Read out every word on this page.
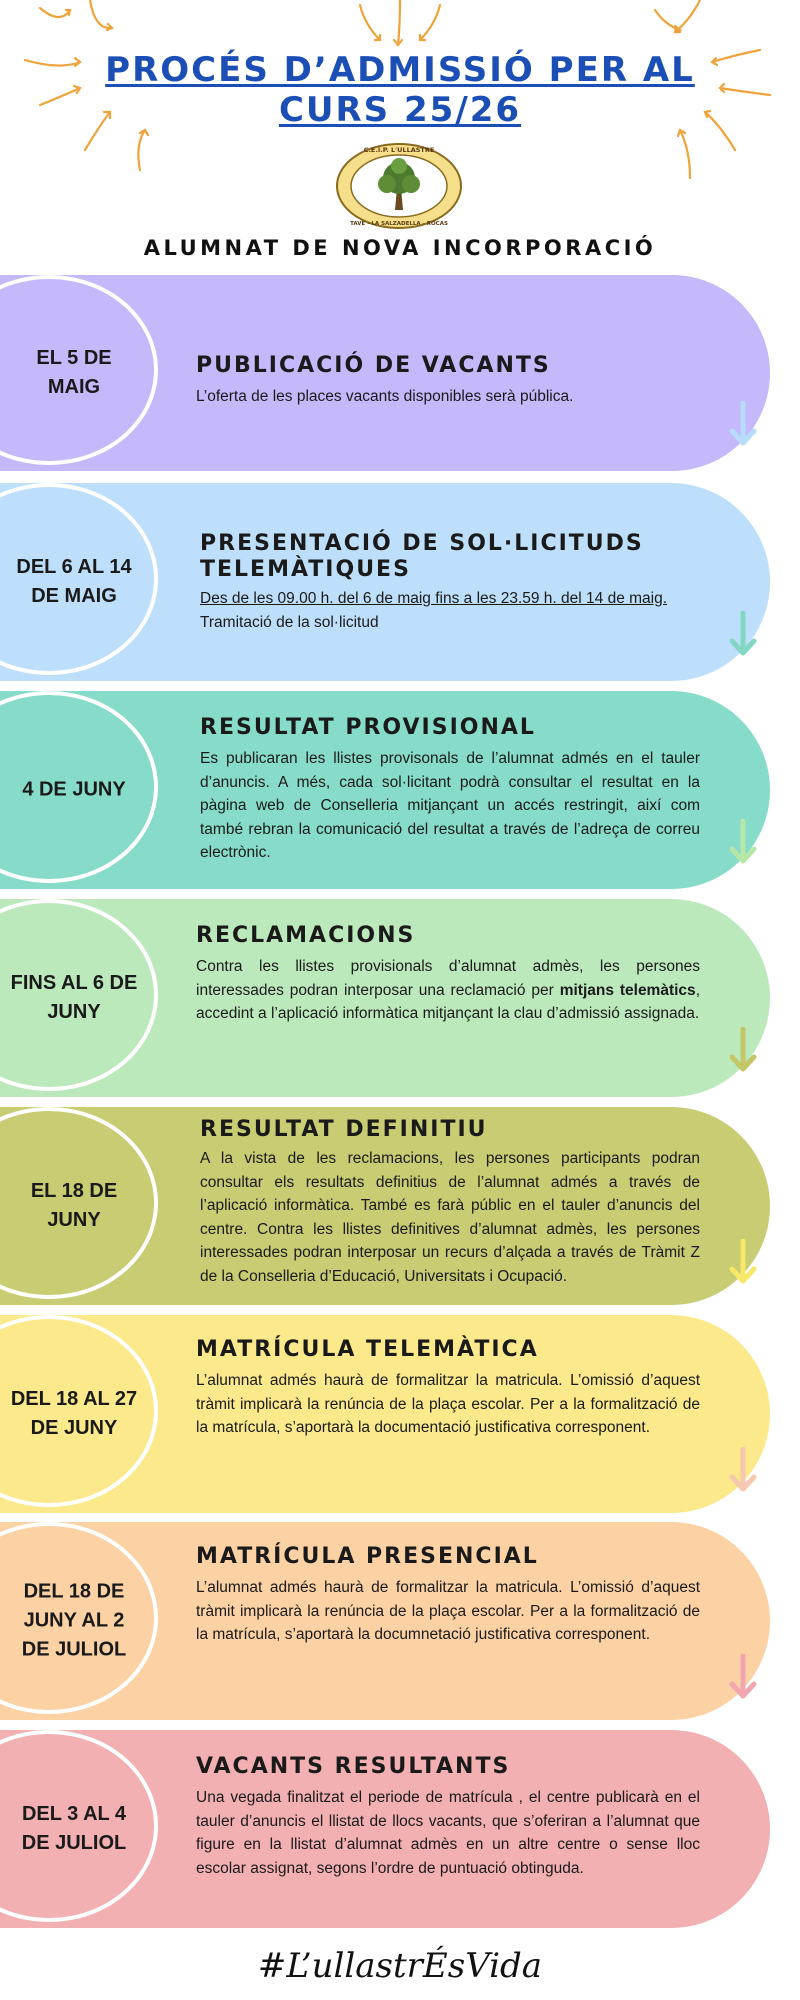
PROCÉS D’ADMISSIÓ PER AL
CURS 25/26
C.E.I.P. L'ULLASTRE
TAVE - LA SALZADELLA - ROCAS
ALUMNAT DE NOVA INCORPORACIÓ
EL 5 DE MAIG
PUBLICACIÓ DE VACANTS
L’oferta de les places vacants disponibles serà pública.
DEL 6 AL 14 DE MAIG
PRESENTACIÓ DE SOL·LICITUDS TELEMÀTIQUES
Des de les 09.00 h. del 6 de maig fins a les 23.59 h. del 14 de maig.
Tramitació de la sol·licitud
4 DE JUNY
RESULTAT PROVISIONAL
Es publicaran les llistes provisonals de l’alumnat admés en el tauler d’anuncis. A més, cada sol·licitant podrà consultar el resultat en la pàgina web de Conselleria mitjançant un accés restringit, així com també rebran la comunicació del resultat a través de l’adreça de correu electrònic.
FINS AL 6 DE JUNY
RECLAMACIONS
Contra les llistes provisionals d’alumnat admès, les persones interessades podran interposar una reclamació per mitjans telemàtics, accedint a l’aplicació informàtica mitjançant la clau d’admissió assignada.
EL 18 DE JUNY
RESULTAT DEFINITIU
A la vista de les reclamacions, les persones participants podran consultar els resultats definitius de l’alumnat admés a través de l’aplicació informàtica. També es farà públic en el tauler d’anuncis del centre. Contra les llistes definitives d’alumnat admès, les persones interessades podran interposar un recurs d’alçada a través de Tràmit Z de la Conselleria d’Educació, Universitats i Ocupació.
DEL 18 AL 27 DE JUNY
MATRÍCULA TELEMÀTICA
L’alumnat admés haurà de formalitzar la matricula. L’omissió d’aquest tràmit implicarà la renúncia de la plaça escolar. Per a la formalització de la matrícula, s’aportarà la documentació justificativa corresponent.
DEL 18 DE JUNY AL 2 DE JULIOL
MATRÍCULA PRESENCIAL
L’alumnat admés haurà de formalitzar la matricula. L’omissió d’aquest tràmit implicarà la renúncia de la plaça escolar. Per a la formalització de la matrícula, s’aportarà la documnetació justificativa corresponent.
DEL 3 AL 4 DE JULIOL
VACANTS RESULTANTS
Una vegada finalitzat el periode de matrícula , el centre publicarà en el tauler d’anuncis el llistat de llocs vacants, que s’oferiran a l’alumnat que figure en la llistat d’alumnat admès en un altre centre o sense lloc escolar assignat, segons l’ordre de puntuació obtinguda.
#L’ullastrÉsVida
